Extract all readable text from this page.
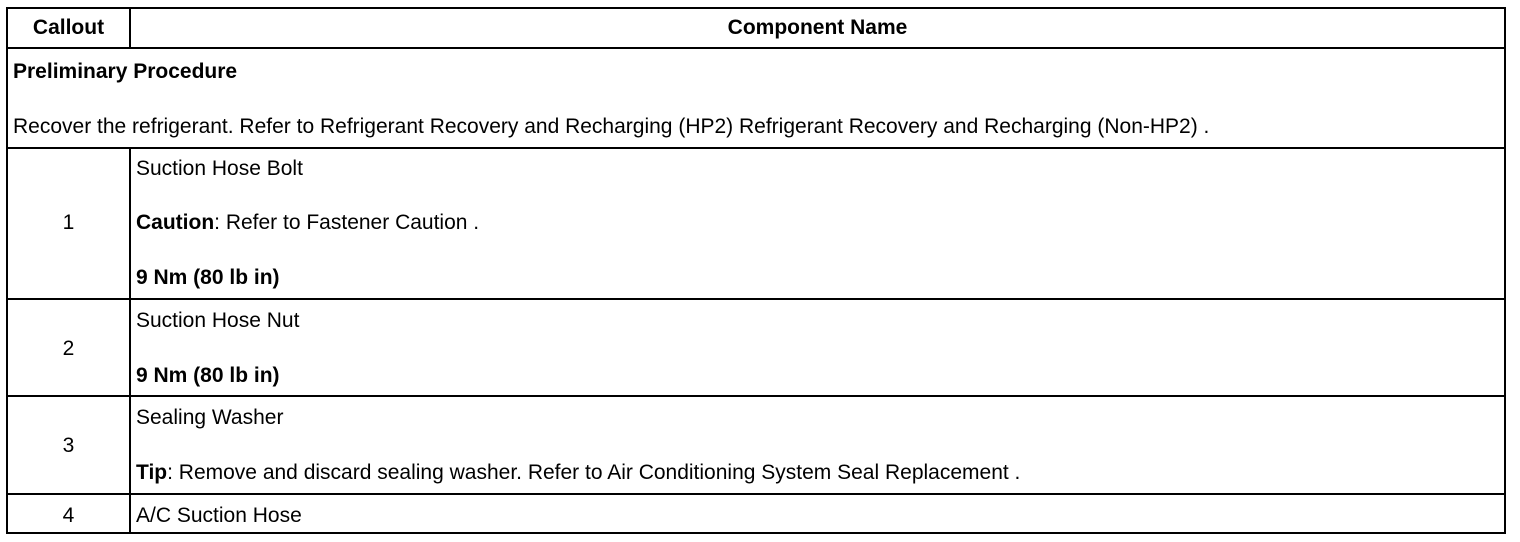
Callout	Component Name
Preliminary Procedure
Recover the refrigerant. Refer to Refrigerant Recovery and Recharging (HP2) Refrigerant Recovery and Recharging (Non-HP2) .
1
Suction Hose Bolt
Caution: Refer to Fastener Caution .
9 Nm (80 lb in)
2
Suction Hose Nut
9 Nm (80 lb in)
3
Sealing Washer
Tip: Remove and discard sealing washer. Refer to Air Conditioning System Seal Replacement .
4	A/C Suction Hose
